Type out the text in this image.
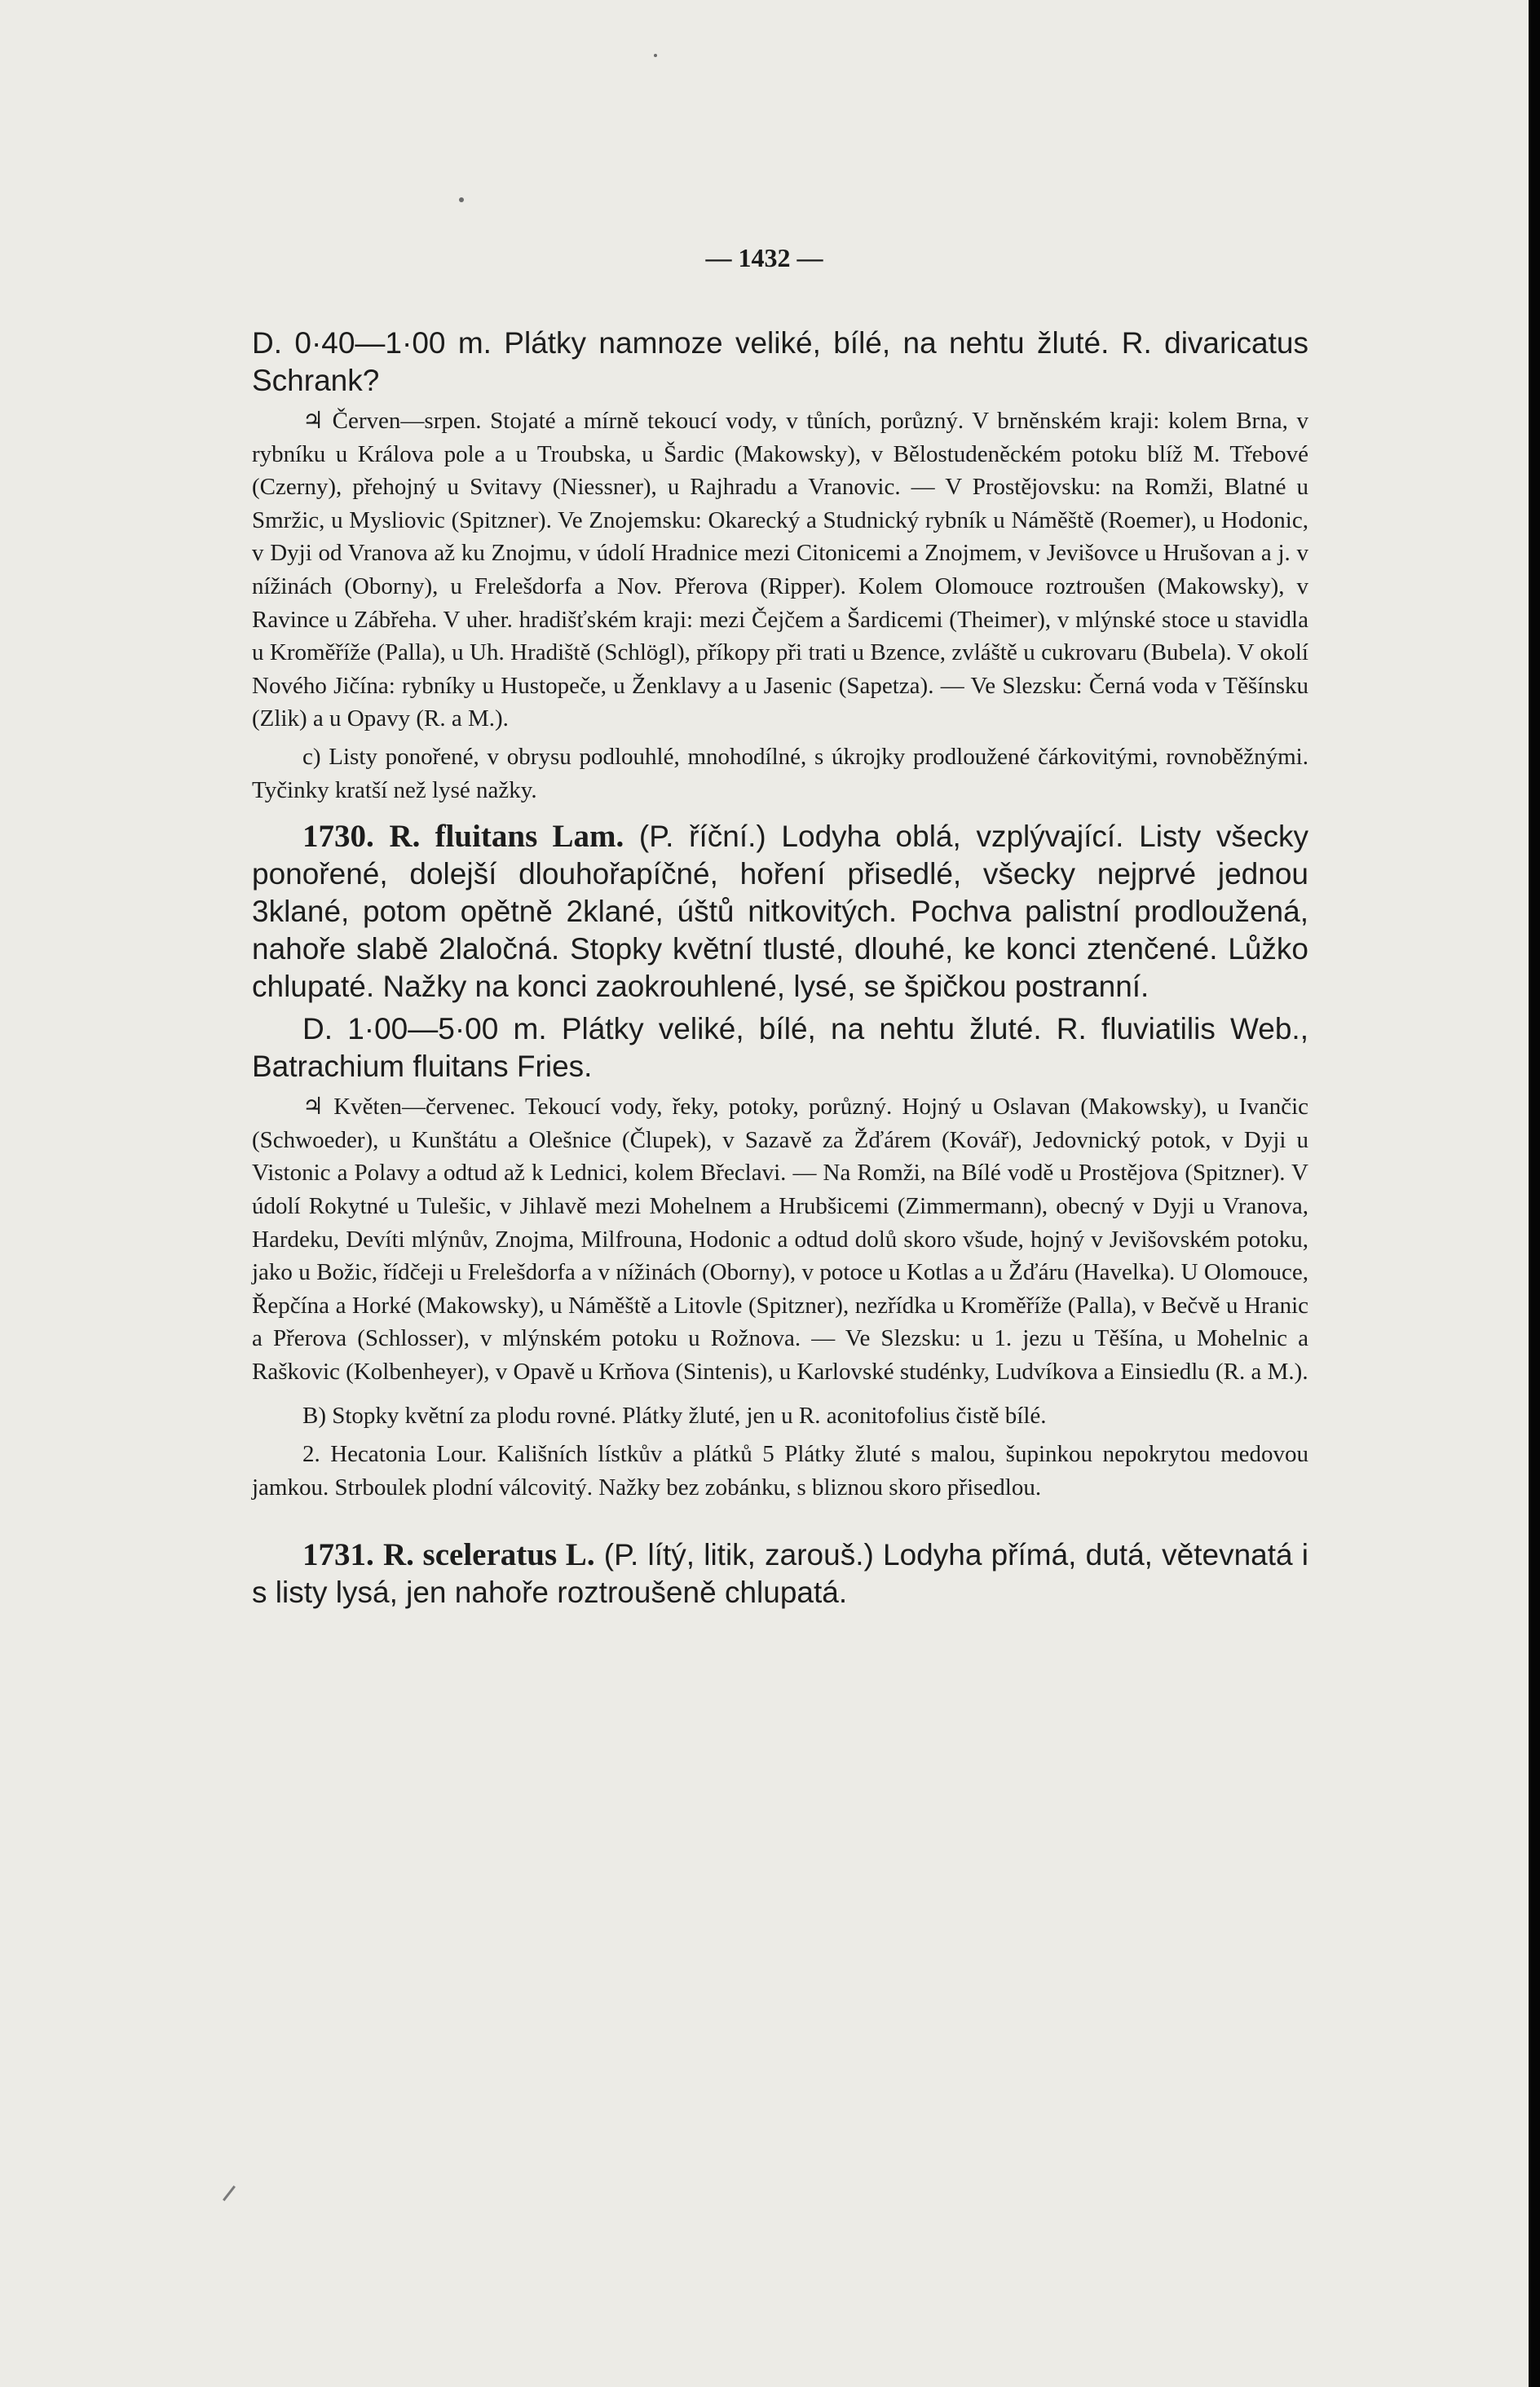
— 1432 —

D. 0·40—1·00 m. Plátky namnoze veliké, bílé, na nehtu žluté. R. divaricatus Schrank?

♃ Červen—srpen. Stojaté a mírně tekoucí vody, v tůních, porůzný. V brněnském kraji: kolem Brna, v rybníku u Králova pole a u Troubska, u Šardic (Makowsky), v Bělostudeněckém potoku blíž M. Třebové (Czerny), přehojný u Svitavy (Niessner), u Rajhradu a Vranovic. — V Prostějovsku: na Romži, Blatné u Smržic, u Mysliovic (Spitzner). Ve Znojemsku: Okarecký a Studnický rybník u Náměště (Roemer), u Hodonic, v Dyji od Vranova až ku Znojmu, v údolí Hradnice mezi Citonicemi a Znojmem, v Jevišovce u Hrušovan a j. v nížinách (Oborny), u Frelešdorfa a Nov. Přerova (Ripper). Kolem Olomouce roztroušen (Makowsky), v Ravince u Zábřeha. V uher. hradišťském kraji: mezi Čejčem a Šardicemi (Theimer), v mlýnské stoce u stavidla u Kroměříže (Palla), u Uh. Hradiště (Schlögl), příkopy při trati u Bzence, zvláště u cukrovaru (Bubela). V okolí Nového Jičína: rybníky u Hustopeče, u Ženklavy a u Jasenic (Sapetza). — Ve Slezsku: Černá voda v Těšínsku (Zlik) a u Opavy (R. a M.).

c) Listy ponořené, v obrysu podlouhlé, mnohodílné, s úkrojky prodloužené čárkovitými, rovnoběžnými. Tyčinky kratší než lysé nažky.

1730. R. fluitans Lam. (P. říční.) Lodyha oblá, vzplývající. Listy všecky ponořené, dolejší dlouhořapíčné, hoření přisedlé, všecky nejprvé jednou 3klané, potom opětně 2klané, úštů nitkovitých. Pochva palistní prodloužená, nahoře slabě 2laločná. Stopky květní tlusté, dlouhé, ke konci ztenčené. Lůžko chlupaté. Nažky na konci zaokrouhlené, lysé, se špičkou postranní.

D. 1·00—5·00 m. Plátky veliké, bílé, na nehtu žluté. R. fluviatilis Web., Batrachium fluitans Fries.

♃ Květen—červenec. Tekoucí vody, řeky, potoky, porůzný. Hojný u Oslavan (Makowsky), u Ivančic (Schwoeder), u Kunštátu a Olešnice (Člupek), v Sazavě za Žďárem (Kovář), Jedovnický potok, v Dyji u Vistonic a Polavy a odtud až k Lednici, kolem Břeclavi. — Na Romži, na Bílé vodě u Prostějova (Spitzner). V údolí Rokytné u Tulešic, v Jihlavě mezi Mohelnem a Hrubšicemi (Zimmermann), obecný v Dyji u Vranova, Hardeku, Devíti mlýnův, Znojma, Milfrouna, Hodonic a odtud dolů skoro všude, hojný v Jevišovském potoku, jako u Božic, řídčeji u Frelešdorfa a v nížinách (Oborny), v potoce u Kotlas a u Žďáru (Havelka). U Olomouce, Řepčína a Horké (Makowsky), u Náměště a Litovle (Spitzner), nezřídka u Kroměříže (Palla), v Bečvě u Hranic a Přerova (Schlosser), v mlýnském potoku u Rožnova. — Ve Slezsku: u 1. jezu u Těšína, u Mohelnic a Raškovic (Kolbenheyer), v Opavě u Krňova (Sintenis), u Karlovské studénky, Ludvíkova a Einsiedlu (R. a M.).

B) Stopky květní za plodu rovné. Plátky žluté, jen u R. aconitofolius čistě bílé.

2. Hecatonia Lour. Kališních lístkův a plátků 5 Plátky žluté s malou, šupinkou nepokrytou medovou jamkou. Strboulek plodní válcovitý. Nažky bez zobánku, s bliznou skoro přisedlou.

1731. R. sceleratus L. (P. lítý, litik, zarouš.) Lodyha přímá, dutá, větevnatá i s listy lysá, jen nahoře roztroušeně chlupatá.
